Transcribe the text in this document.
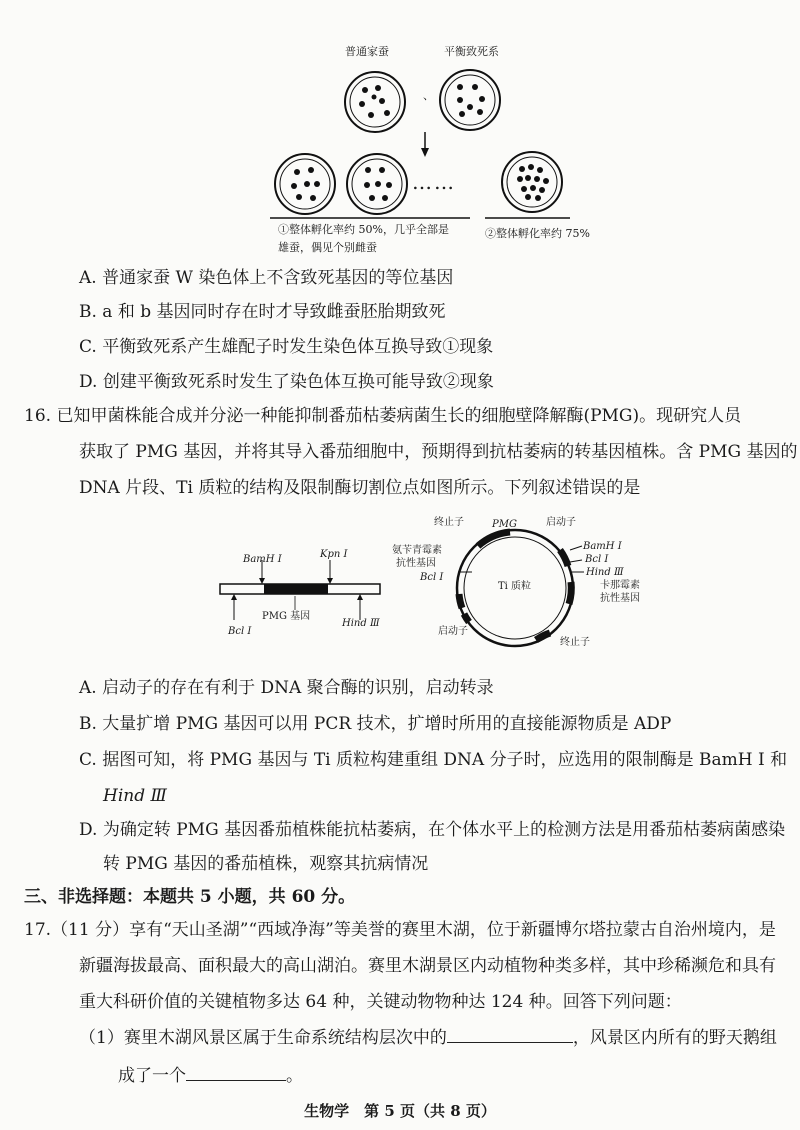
普通家蚕	平衡致死系
、
……
①整体孵化率约 50%，几乎全部是
雄蚕，偶见个别雌蚕
②整体孵化率约 75%
A. 普通家蚕 W 染色体上不含致死基因的等位基因
B. a 和 b 基因同时存在时才导致雌蚕胚胎期致死
C. 平衡致死系产生雄配子时发生染色体互换导致①现象
D. 创建平衡致死系时发生了染色体互换可能导致②现象
16. 已知甲菌株能合成并分泌一种能抑制番茄枯萎病菌生长的细胞壁降解酶(PMG)。现研究人员
获取了 PMG 基因，并将其导入番茄细胞中，预期得到抗枯萎病的转基因植株。含 PMG 基因的
DNA 片段、Ti 质粒的结构及限制酶切割位点如图所示。下列叙述错误的是
BamH Ⅰ	Kpn Ⅰ
Bcl Ⅰ
Hind Ⅲ
PMG 基因
终止子	PMG	启动子
氨苄青霉素
抗性基因
Bcl Ⅰ
Ti 质粒
BamH Ⅰ
Bcl Ⅰ
Hind Ⅲ
卡那霉素
抗性基因
启动子
终止子
A. 启动子的存在有利于 DNA 聚合酶的识别，启动转录
B. 大量扩增 PMG 基因可以用 PCR 技术，扩增时所用的直接能源物质是 ADP
C. 据图可知，将 PMG 基因与 Ti 质粒构建重组 DNA 分子时，应选用的限制酶是 BamH Ⅰ 和
Hind Ⅲ
D. 为确定转 PMG 基因番茄植株能抗枯萎病，在个体水平上的检测方法是用番茄枯萎病菌感染
转 PMG 基因的番茄植株，观察其抗病情况
三、非选择题：本题共 5 小题，共 60 分。
17.（11 分）享有“天山圣湖”“西域净海”等美誉的赛里木湖，位于新疆博尔塔拉蒙古自治州境内，是
新疆海拔最高、面积最大的高山湖泊。赛里木湖景区内动植物种类多样，其中珍稀濒危和具有
重大科研价值的关键植物多达 64 种，关键动物物种达 124 种。回答下列问题：
（1）赛里木湖风景区属于生命系统结构层次中的	，风景区内所有的野天鹅组
成了一个	。
生物学　第 5 页（共 8 页）
